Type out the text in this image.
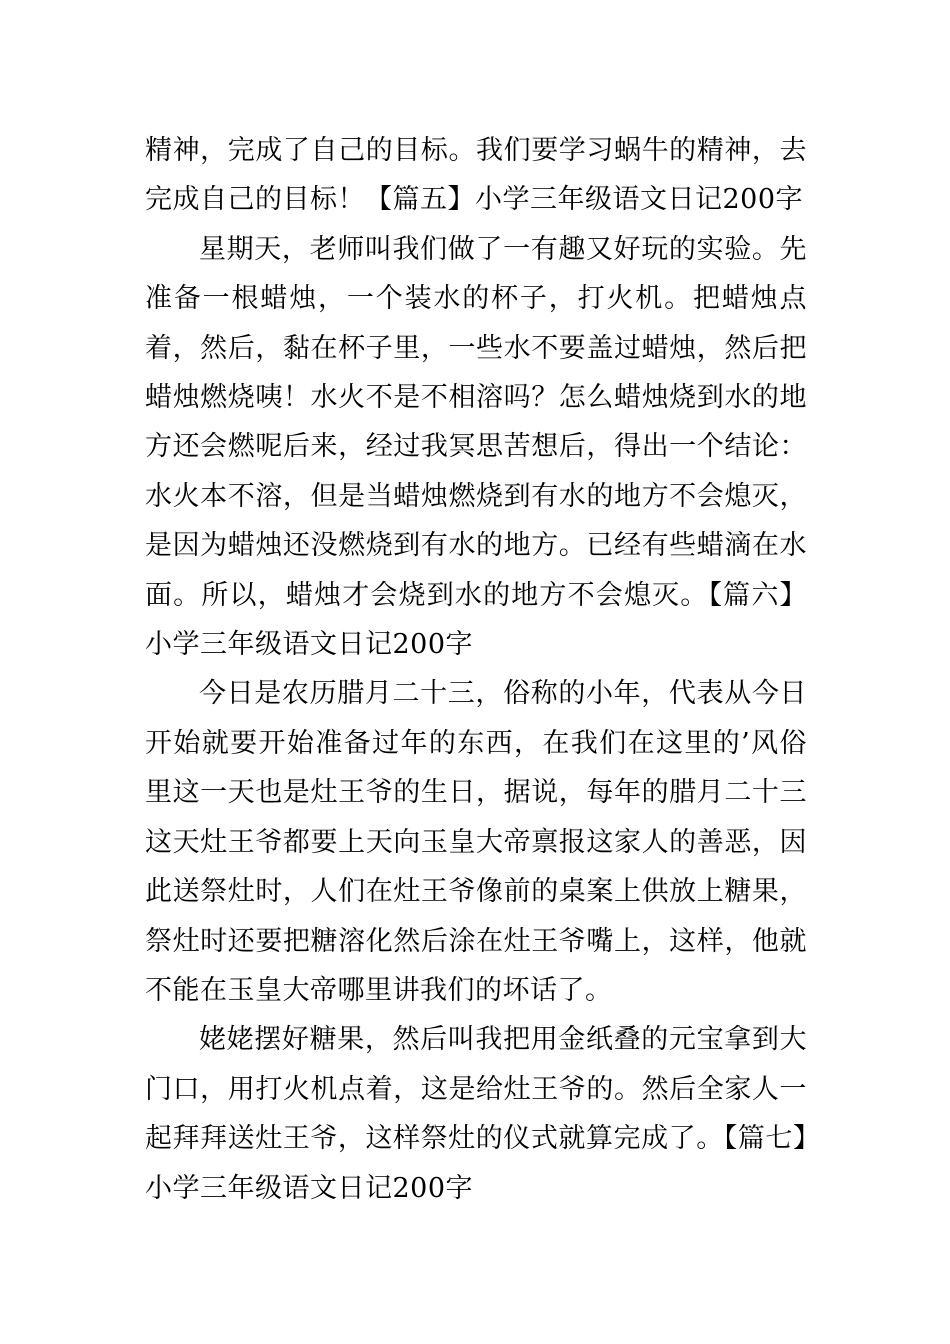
精神，完成了自己的目标。我们要学习蜗牛的精神，去完成自己的目标！【篇五】小学三年级语文日记200字

星期天，老师叫我们做了一有趣又好玩的实验。先准备一根蜡烛，一个装水的杯子，打火机。把蜡烛点着，然后，黏在杯子里，一些水不要盖过蜡烛，然后把蜡烛燃烧咦！水火不是不相溶吗？怎么蜡烛烧到水的地方还会燃呢后来，经过我冥思苦想后，得出一个结论：水火本不溶，但是当蜡烛燃烧到有水的地方不会熄灭，是因为蜡烛还没燃烧到有水的地方。已经有些蜡滴在水面。所以，蜡烛才会烧到水的地方不会熄灭。【篇六】小学三年级语文日记200字

今日是农历腊月二十三，俗称的小年，代表从今日开始就要开始准备过年的东西，在我们在这里的’风俗里这一天也是灶王爷的生日，据说，每年的腊月二十三这天灶王爷都要上天向玉皇大帝禀报这家人的善恶，因此送祭灶时，人们在灶王爷像前的桌案上供放上糖果，祭灶时还要把糖溶化然后涂在灶王爷嘴上，这样，他就不能在玉皇大帝哪里讲我们的坏话了。

姥姥摆好糖果，然后叫我把用金纸叠的元宝拿到大门口，用打火机点着，这是给灶王爷的。然后全家人一起拜拜送灶王爷，这样祭灶的仪式就算完成了。【篇七】小学三年级语文日记200字
